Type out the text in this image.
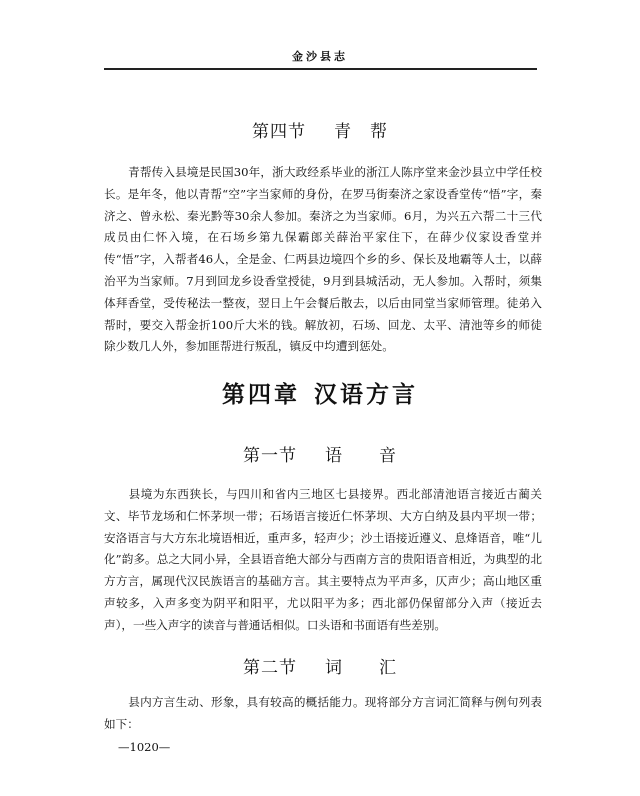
金沙县志
第四节 青　帮

青帮传入县境是民国30年，浙大政经系毕业的浙江人陈序堂来金沙县立中学任校长。是年冬，他以青帮“空”字当家师的身份，在罗马街秦济之家设香堂传“悟”字，秦济之、曾永松、秦光黔等30余人参加。秦济之为当家师。6月，为兴五六帮二十三代成员由仁怀入境，在石场乡第九保霸郎关薛治平家住下，在薛少仪家设香堂并传“悟”字，入帮者46人，全是金、仁两县边境四个乡的乡、保长及地霸等人士，以薛治平为当家师。7月到回龙乡设香堂授徒，9月到县城活动，无人参加。入帮时，须集体拜香堂，受传秘法一整夜，翌日上午会餐后散去，以后由同堂当家师管理。徒弟入帮时，要交入帮金折100斤大米的钱。解放初，石场、回龙、太平、清池等乡的师徒除少数几人外，参加匪帮进行叛乱，镇反中均遭到惩处。

第四章 汉语方言
第一节 语　　音

县境为东西狭长，与四川和省内三地区七县接界。西北部清池语言接近古蔺关文、毕节龙场和仁怀茅坝一带；石场语言接近仁怀茅坝、大方白纳及县内平坝一带；安洛语言与大方东北境语相近，重声多，轻声少；沙土语接近遵义、息烽语音，唯“儿化”韵多。总之大同小异，全县语音绝大部分与西南方言的贵阳语音相近，为典型的北方方言，属现代汉民族语言的基础方言。其主要特点为平声多，仄声少；高山地区重声较多，入声多变为阴平和阳平，尤以阳平为多；西北部仍保留部分入声（接近去声），一些入声字的读音与普通话相似。口头语和书面语有些差别。

第二节 词　　汇

县内方言生动、形象，具有较高的概括能力。现将部分方言词汇简释与例句列表如下：

—1020—
